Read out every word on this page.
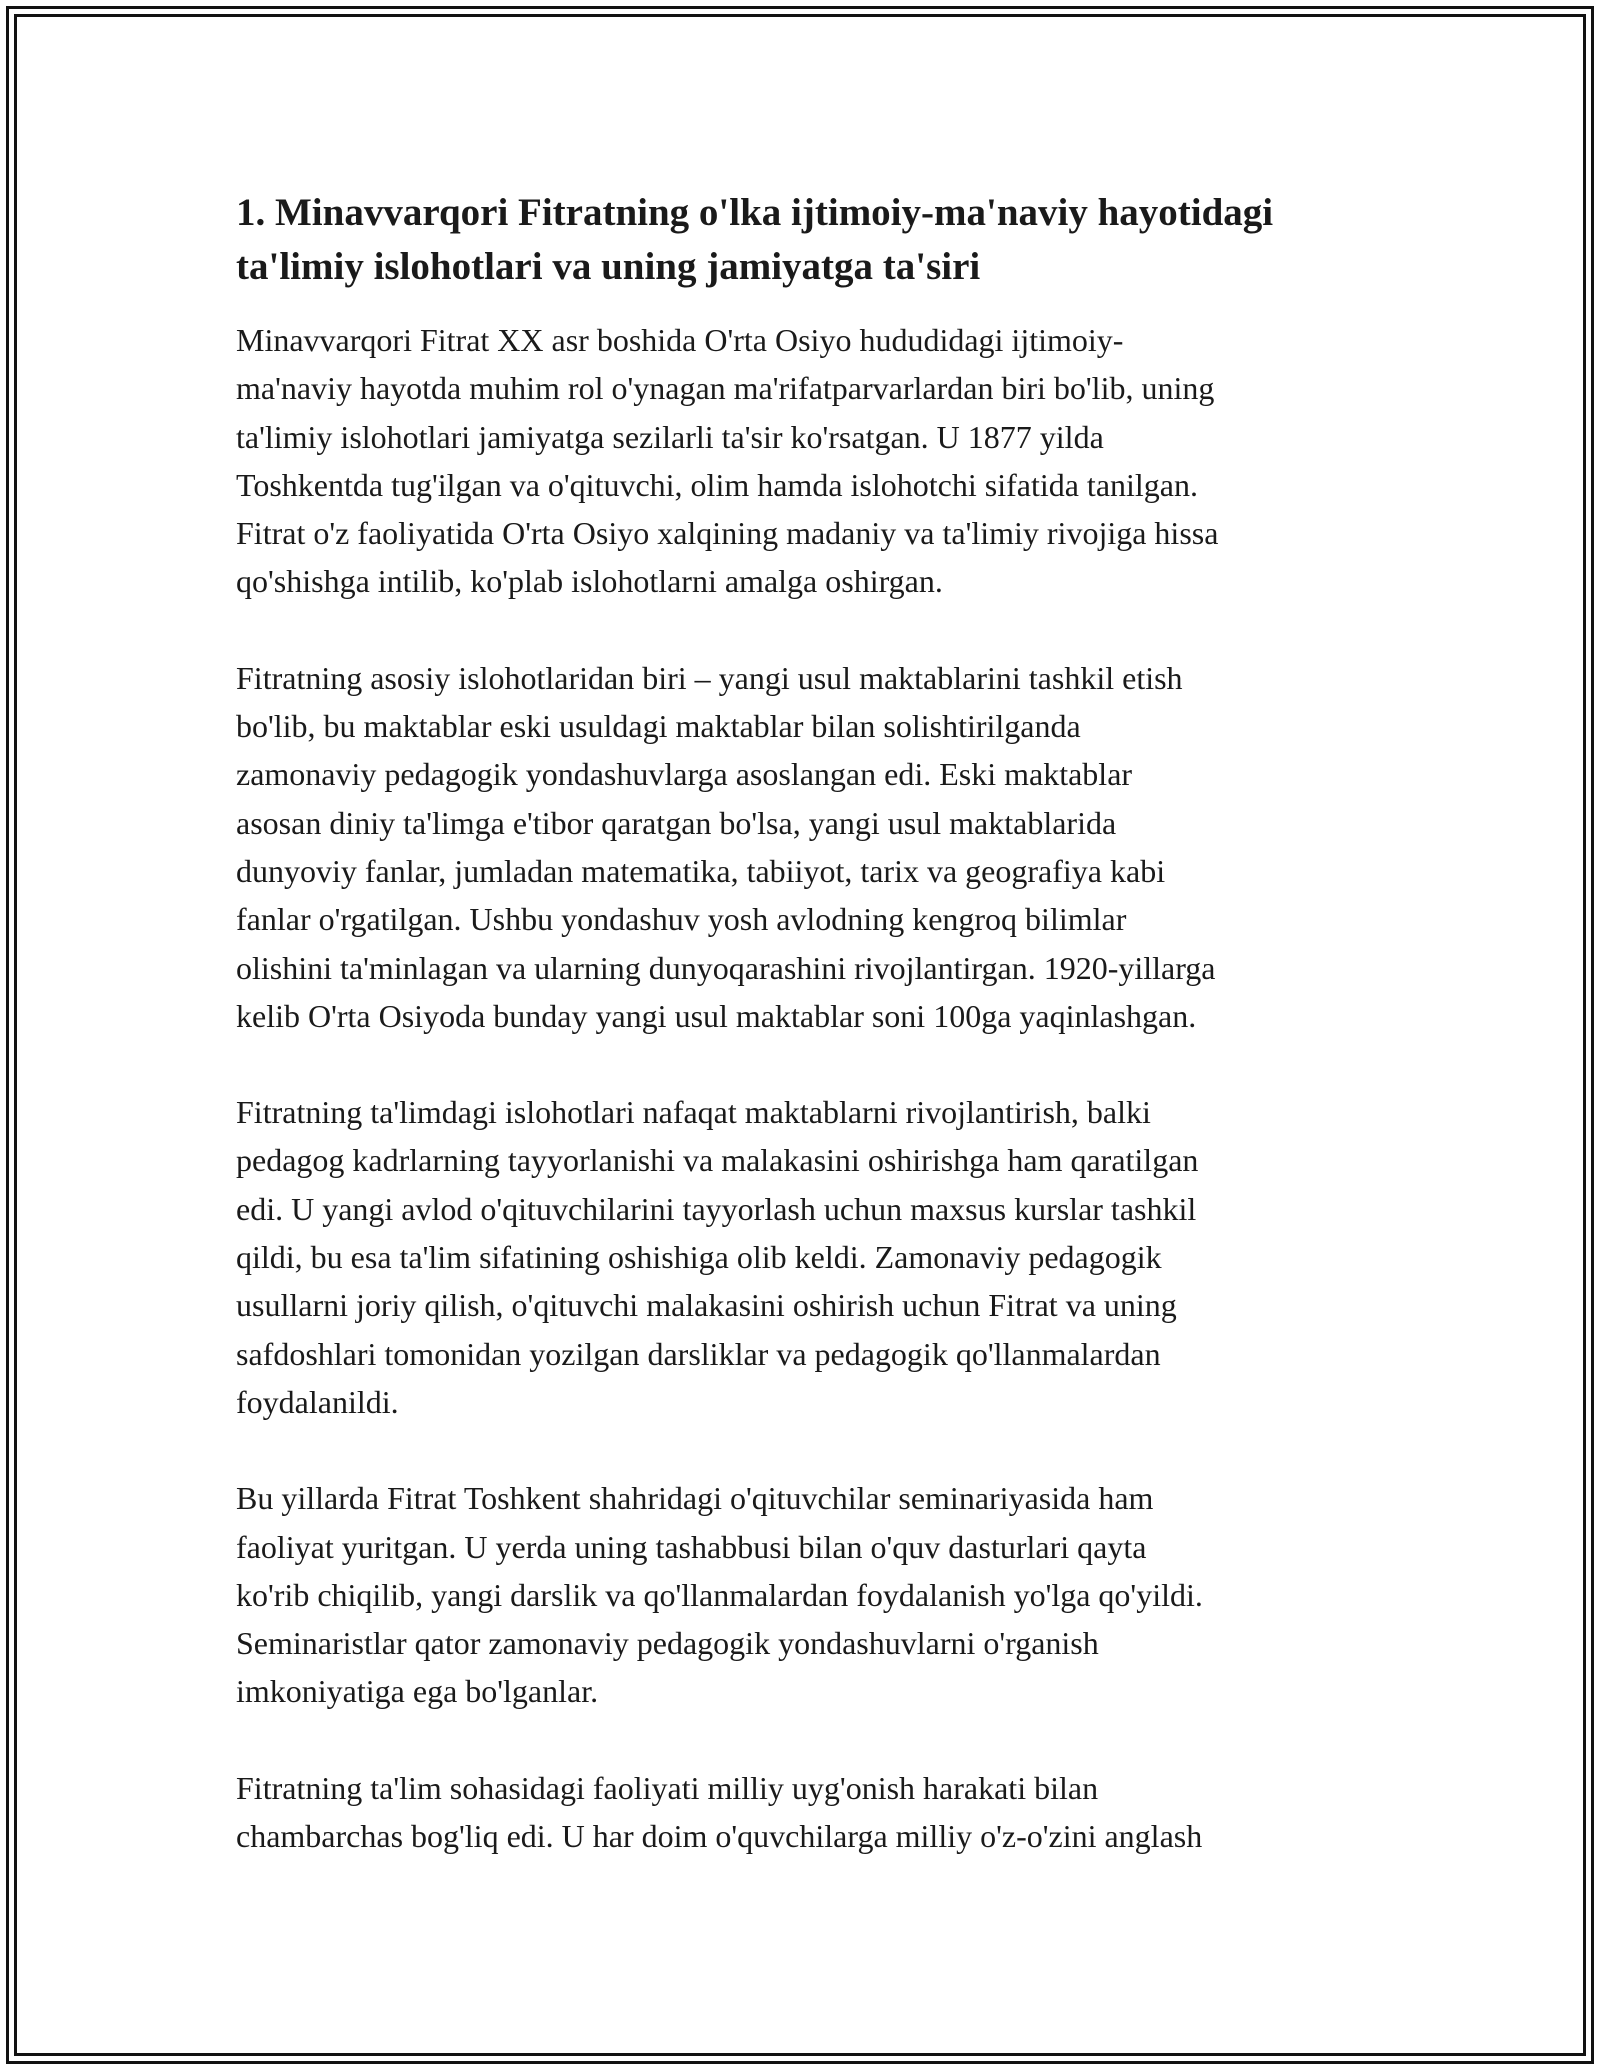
1. Minavvarqori Fitratning o'lka ijtimoiy-ma'naviy hayotidagi
ta'limiy islohotlari va uning jamiyatga ta'siri
Minavvarqori Fitrat XX asr boshida O'rta Osiyo hududidagi ijtimoiy-
ma'naviy hayotda muhim rol o'ynagan ma'rifatparvarlardan biri bo'lib, uning
ta'limiy islohotlari jamiyatga sezilarli ta'sir ko'rsatgan. U 1877 yilda
Toshkentda tug'ilgan va o'qituvchi, olim hamda islohotchi sifatida tanilgan.
Fitrat o'z faoliyatida O'rta Osiyo xalqining madaniy va ta'limiy rivojiga hissa
qo'shishga intilib, ko'plab islohotlarni amalga oshirgan.
Fitratning asosiy islohotlaridan biri – yangi usul maktablarini tashkil etish
bo'lib, bu maktablar eski usuldagi maktablar bilan solishtirilganda
zamonaviy pedagogik yondashuvlarga asoslangan edi. Eski maktablar
asosan diniy ta'limga e'tibor qaratgan bo'lsa, yangi usul maktablarida
dunyoviy fanlar, jumladan matematika, tabiiyot, tarix va geografiya kabi
fanlar o'rgatilgan. Ushbu yondashuv yosh avlodning kengroq bilimlar
olishini ta'minlagan va ularning dunyoqarashini rivojlantirgan. 1920-yillarga
kelib O'rta Osiyoda bunday yangi usul maktablar soni 100ga yaqinlashgan.
Fitratning ta'limdagi islohotlari nafaqat maktablarni rivojlantirish, balki
pedagog kadrlarning tayyorlanishi va malakasini oshirishga ham qaratilgan
edi. U yangi avlod o'qituvchilarini tayyorlash uchun maxsus kurslar tashkil
qildi, bu esa ta'lim sifatining oshishiga olib keldi. Zamonaviy pedagogik
usullarni joriy qilish, o'qituvchi malakasini oshirish uchun Fitrat va uning
safdoshlari tomonidan yozilgan darsliklar va pedagogik qo'llanmalardan
foydalanildi.
Bu yillarda Fitrat Toshkent shahridagi o'qituvchilar seminariyasida ham
faoliyat yuritgan. U yerda uning tashabbusi bilan o'quv dasturlari qayta
ko'rib chiqilib, yangi darslik va qo'llanmalardan foydalanish yo'lga qo'yildi.
Seminaristlar qator zamonaviy pedagogik yondashuvlarni o'rganish
imkoniyatiga ega bo'lganlar.
Fitratning ta'lim sohasidagi faoliyati milliy uyg'onish harakati bilan
chambarchas bog'liq edi. U har doim o'quvchilarga milliy o'z-o'zini anglash
